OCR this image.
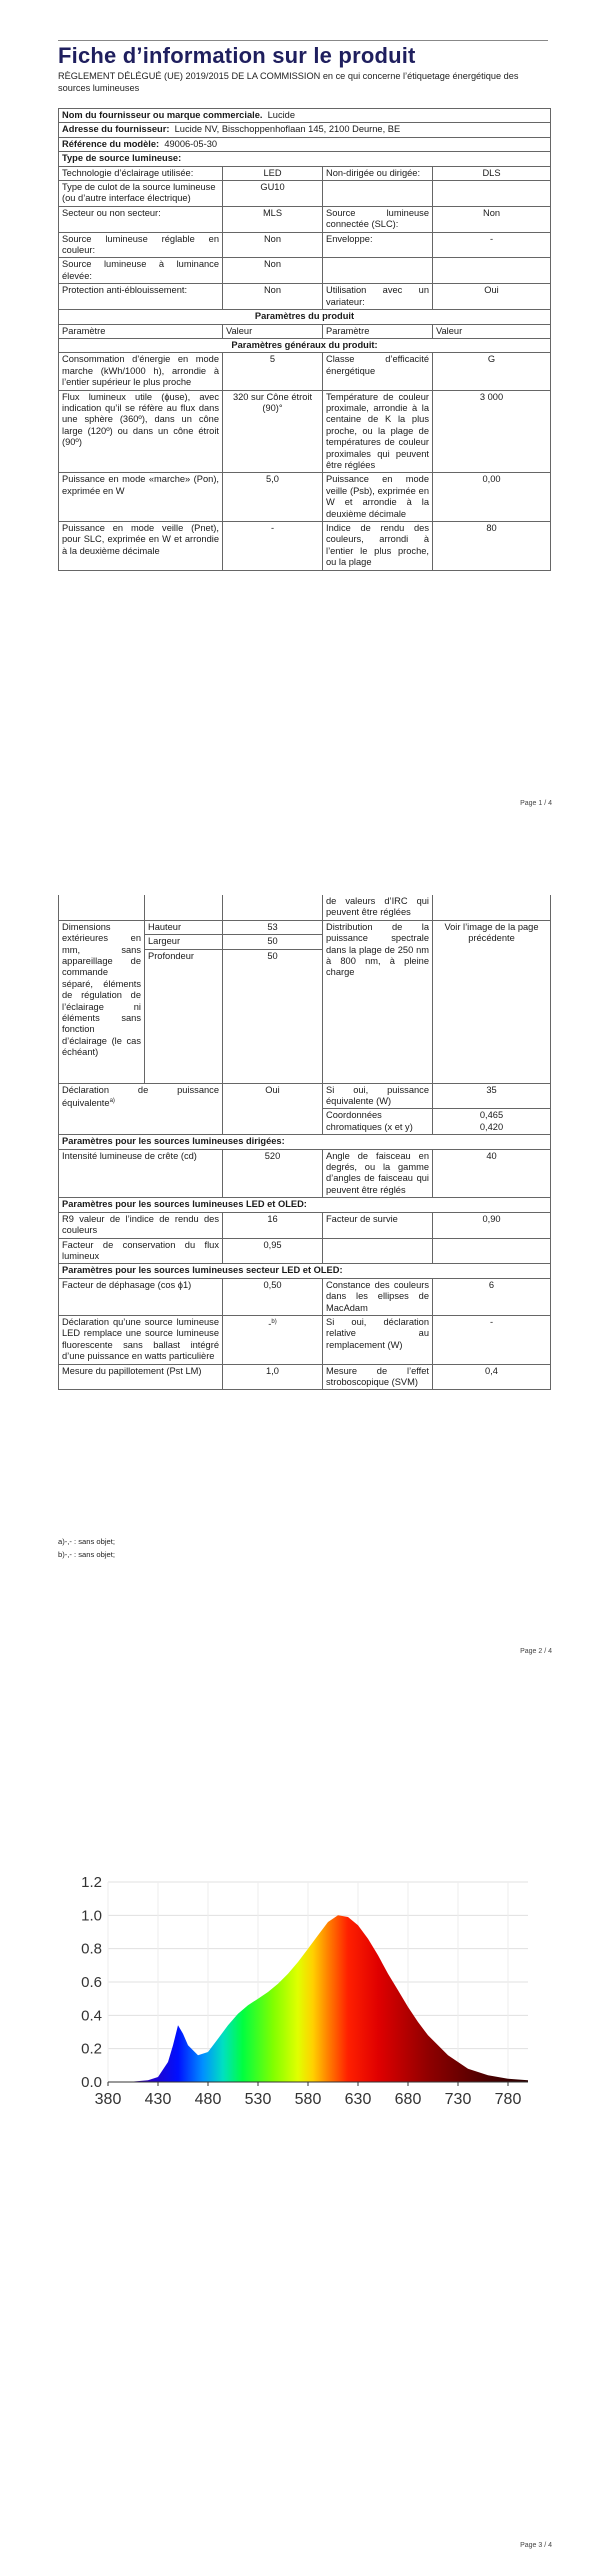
Fiche d’information sur le produit
RÈGLEMENT DÉLÉGUÉ (UE) 2019/2015 DE LA COMMISSION en ce qui concerne l’étiquetage énergétique des sources lumineuses
Nom du fournisseur ou marque commerciale. Lucide			
Adresse du fournisseur: Lucide NV, Bisschoppenhoflaan 145, 2100 Deurne, BE			
Référence du modèle: 49006-05-30			
Type de source lumineuse:			
Technologie d’éclairage utilisée:	LED	Non-dirigée ou dirigée:	DLS
Type de culot de la source lumineuse
(ou d’autre interface électrique)	GU10		
Secteur ou non secteur:	MLS	Source lumineuse connectée (SLC):	Non
Source lumineuse réglable en couleur:	Non	Enveloppe:	-
Source lumineuse à luminance élevée:	Non		
Protection anti-éblouissement:	Non	Utilisation avec un variateur:	Oui
Paramètres du produit			
Paramètre	Valeur	Paramètre	Valeur
Paramètres généraux du produit:			
Consommation d’énergie en mode marche (kWh/1000 h), arrondie à l’entier supérieur le plus proche	5	Classe d’efficacité énergétique	G
Flux lumineux utile (ϕuse), avec indication qu’il se réfère au flux dans une sphère (360º), dans un cône large (120º) ou dans un cône étroit (90º)	320 sur Cône étroit (90)°	Température de couleur proximale, arrondie à la centaine de K la plus proche, ou la plage de températures de couleur proximales qui peuvent être réglées	3 000
Puissance en mode «marche» (Pon), exprimée en W	5,0	Puissance en mode veille (Psb), exprimée en W et arrondie à la deuxième décimale	0,00
Puissance en mode veille (Pnet), pour SLC, exprimée en W et arrondie à la deuxième décimale	-	Indice de rendu des couleurs, arrondi à l’entier le plus proche, ou la plage	80
Page 1 / 4
			de valeurs d’IRC qui peuvent être réglées	
Dimensions extérieures en mm, sans appareillage de commande séparé, éléments de régulation de l’éclairage ni éléments sans fonction d’éclairage (le cas échéant)	Hauteur	53	Distribution de la puissance spectrale dans la plage de 250 nm à 800 nm, à pleine charge	Voir l’image de la page précédente
	Largeur	50		
	Profondeur	50		
Déclaration de puissance équivalente$^{a)}$		Oui	Si oui, puissance équivalente (W)	35
			Coordonnées chromatiques (x et y)	0,465
0,420
Paramètres pour les sources lumineuses dirigées:				
Intensité lumineuse de crête (cd)		520	Angle de faisceau en degrés, ou la gamme d’angles de faisceau qui peuvent être réglés	40
Paramètres pour les sources lumineuses LED et OLED:				
R9 valeur de l’indice de rendu des couleurs		16	Facteur de survie	0,90
Facteur de conservation du flux lumineux		0,95		
Paramètres pour les sources lumineuses secteur LED et OLED:				
Facteur de déphasage (cos ϕ1)		0,50	Constance des couleurs dans les ellipses de MacAdam	6
Déclaration qu’une source lumineuse LED remplace une source lumineuse fluorescente sans ballast intégré d’une puissance en watts particulière		-$^{b)}$	Si oui, déclaration relative au remplacement (W)	-
Mesure du papillotement (Pst LM)		1,0	Mesure de l’effet stroboscopique (SVM)	0,4
a)-,- : sans objet;
b)-,- : sans objet;
Page 2 / 4
0.0
0.2
0.4
0.6
0.8
1.0
1.2
380 430 480 530 580 630 680 730 780
Page 3 / 4
